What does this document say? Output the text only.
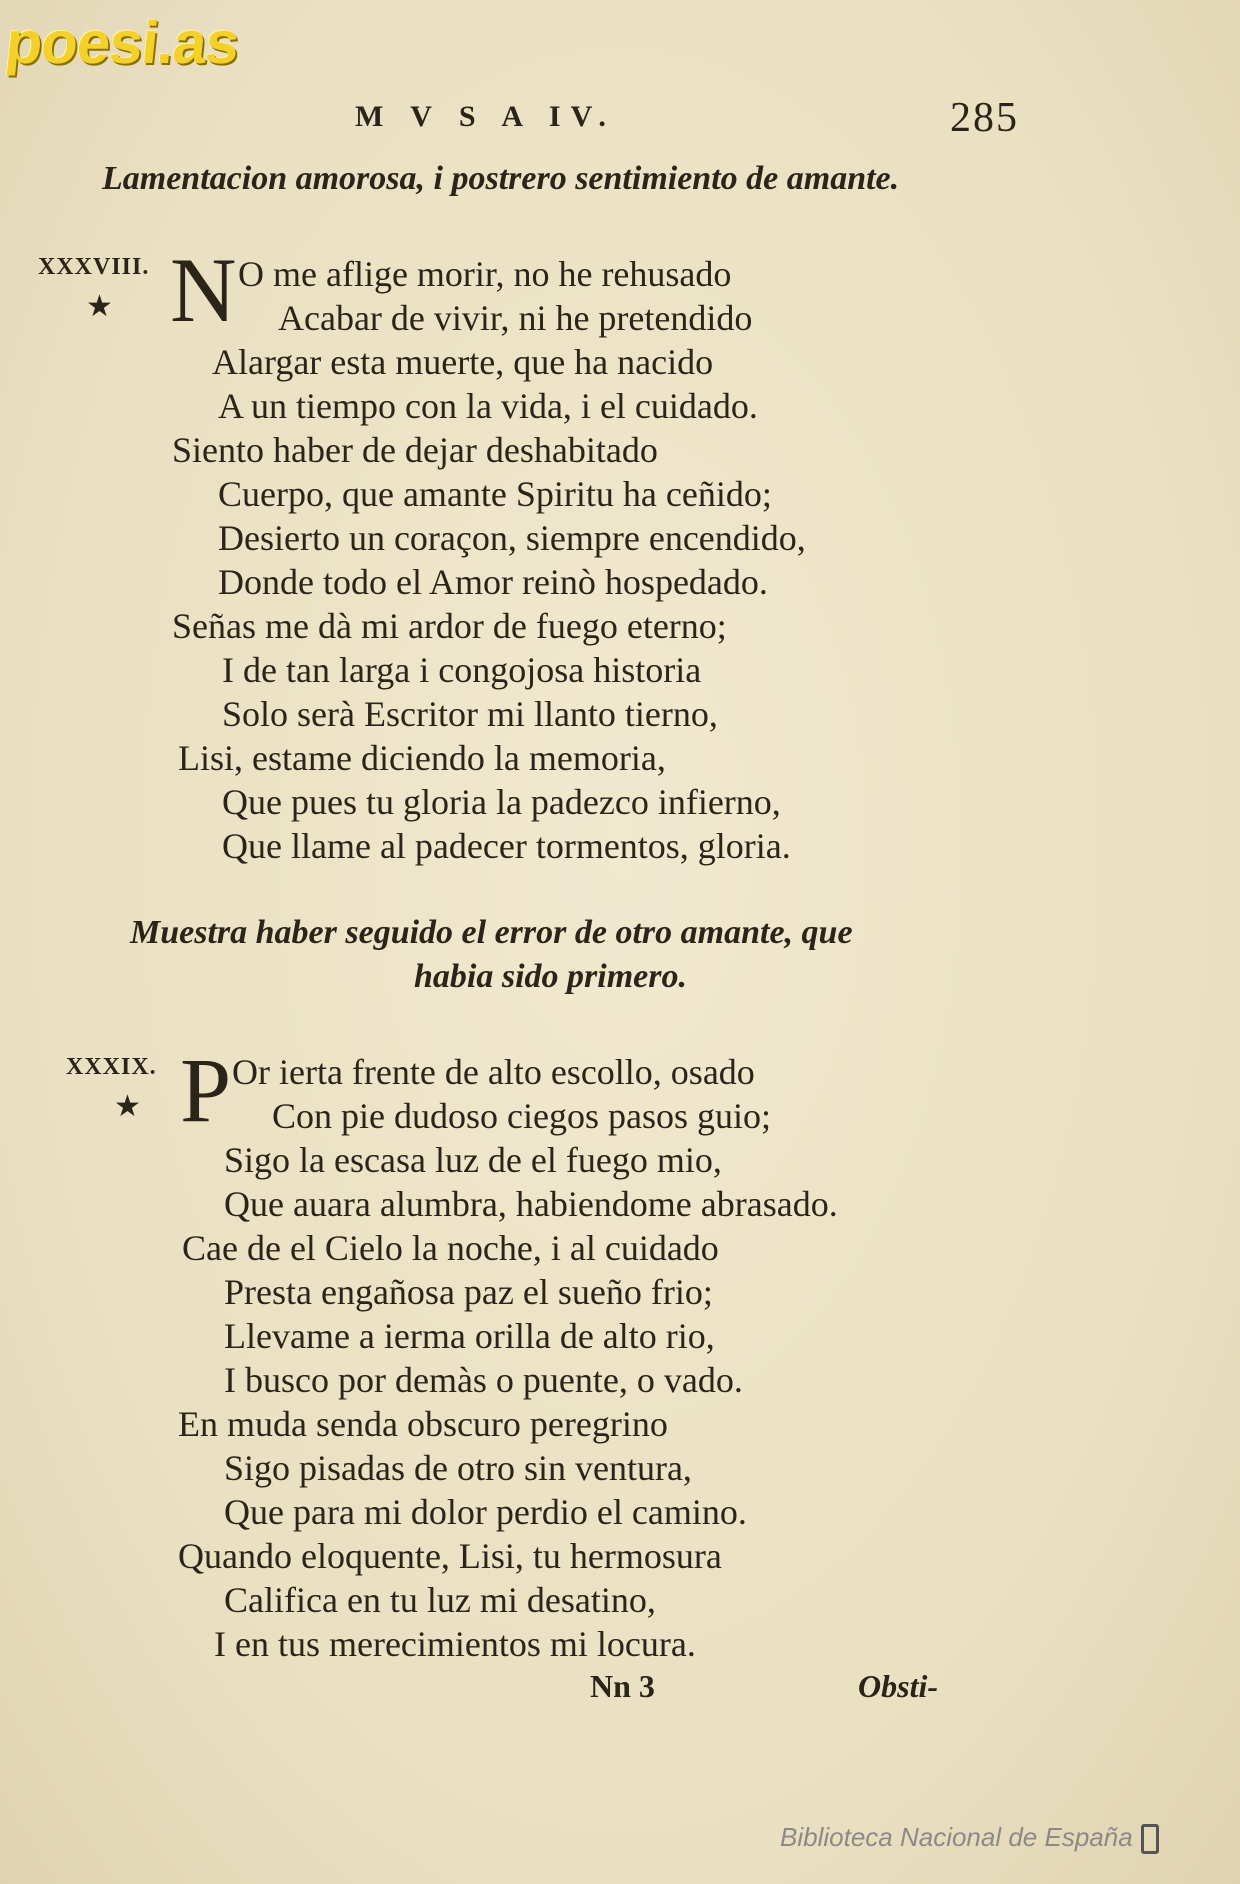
poesi.as
M V S A IV.	285
Lamentacion amorosa, i postrero sentimiento de amante.
XXXVIII.
★ N O me aflige morir, no he rehusado
Acabar de vivir, ni he pretendido
Alargar esta muerte, que ha nacido
A un tiempo con la vida, i el cuidado.
Siento haber de dejar deshabitado
Cuerpo, que amante Spiritu ha ceñido;
Desierto un coraçon, siempre encendido,
Donde todo el Amor reinò hospedado.
Señas me dà mi ardor de fuego eterno;
I de tan larga i congojosa historia
Solo serà Escritor mi llanto tierno,
Lisi, estame diciendo la memoria,
Que pues tu gloria la padezco infierno,
Que llame al padecer tormentos, gloria.
Muestra haber seguido el error de otro amante, que
habia sido primero.
XXXIX.
★ P Or ierta frente de alto escollo, osado
Con pie dudoso ciegos pasos guio;
Sigo la escasa luz de el fuego mio,
Que auara alumbra, habiendome abrasado.
Cae de el Cielo la noche, i al cuidado
Presta engañosa paz el sueño frio;
Llevame a ierma orilla de alto rio,
I busco por demàs o puente, o vado.
En muda senda obscuro peregrino
Sigo pisadas de otro sin ventura,
Que para mi dolor perdio el camino.
Quando eloquente, Lisi, tu hermosura
Califica en tu luz mi desatino,
I en tus merecimientos mi locura.
Nn 3	Obsti-
Biblioteca Nacional de España
